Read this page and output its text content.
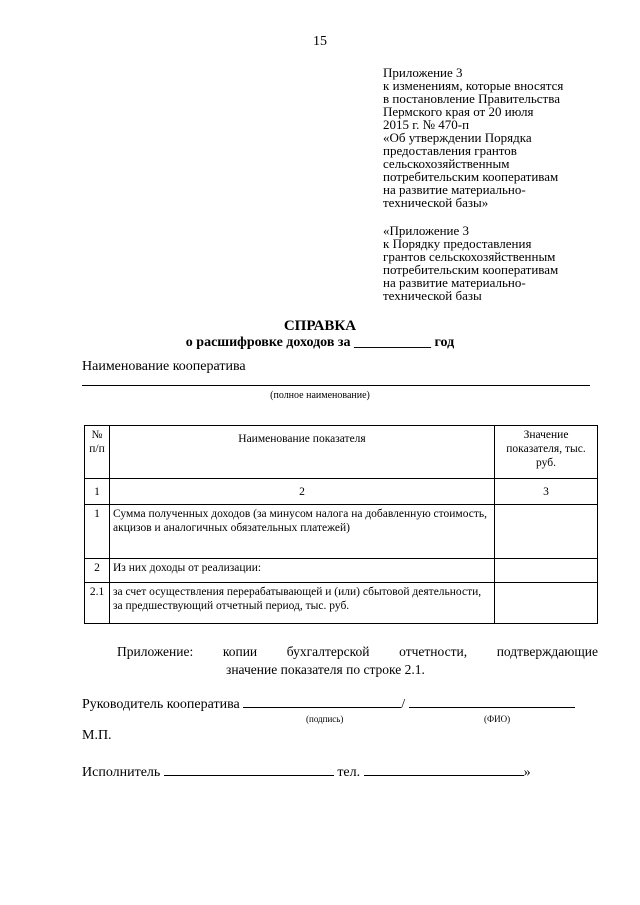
15

Приложение 3

к изменениям, которые вносятся

в постановление Правительства

Пермского края от 20 июля

2015 г. № 470-п

«Об утверждении Порядка

предоставления грантов

сельскохозяйственным

потребительским кооперативам

на развитие материально-

технической базы»

«Приложение 3

к Порядку предоставления

грантов сельскохозяйственным

потребительским кооперативам

на развитие материально-

технической базы

СПРАВКА
о расшифровке доходов за ___________ год
Наименование кооператива
(полное наименование)
№ п/п	Наименование показателя	Значение показателя, тыс. руб.
1	2	3
1	Сумма полученных доходов (за минусом налога на добавленную стоимость, акцизов и аналогичных обязательных платежей)	
2	Из них доходы от реализации:	
2.1	за счет осуществления перерабатывающей и (или) сбытовой деятельности, за предшествующий отчетный период, тыс. руб.	
Приложение: копии бухгалтерской отчетности, подтверждающие
значение показателя по строке 2.1.
Руководитель кооператива	/
(подпись)	(ФИО)
М.П.
Исполнитель	тел.	»
